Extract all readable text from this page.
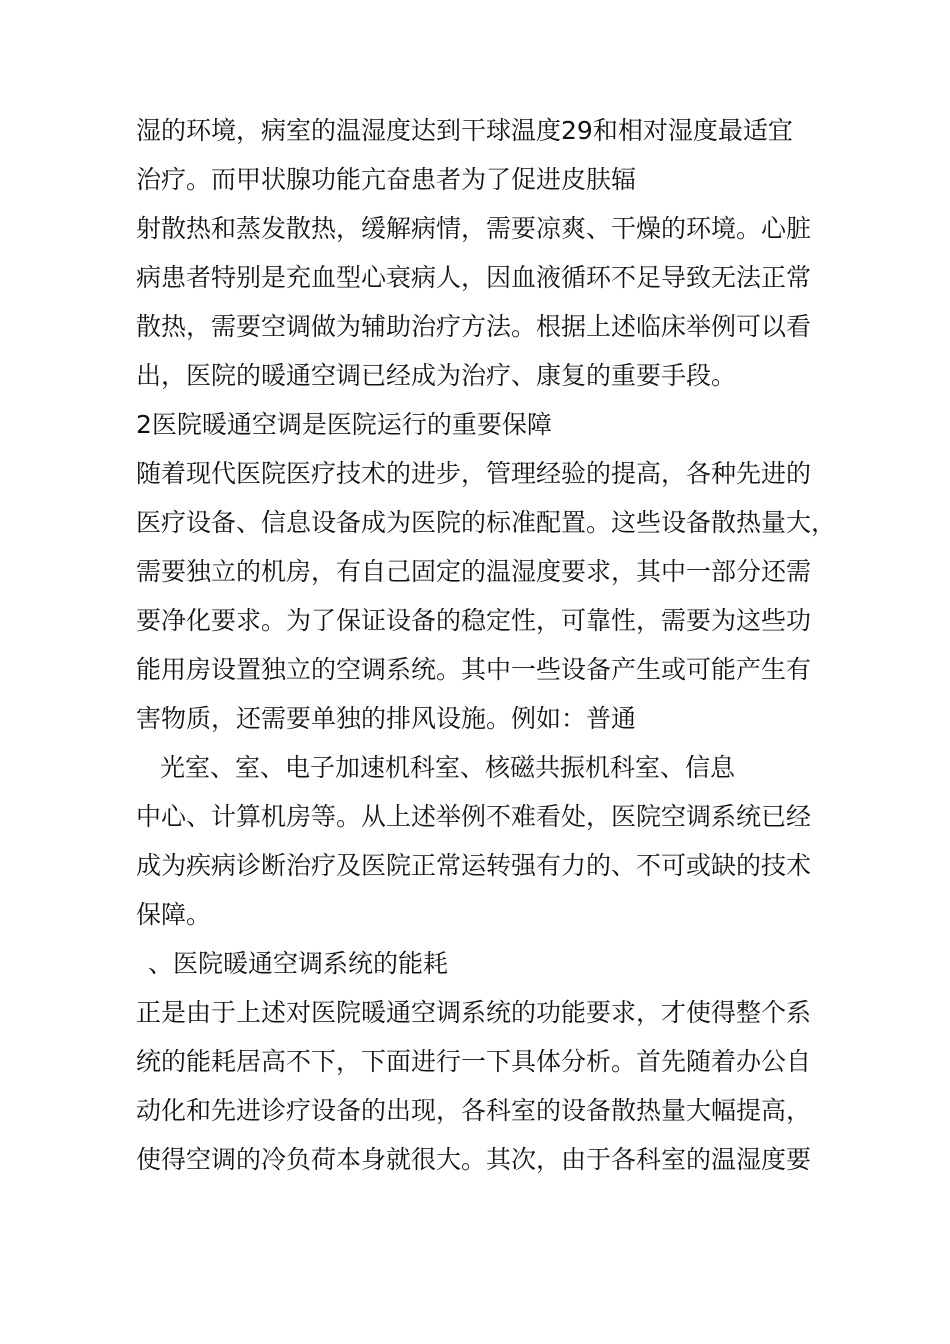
湿的环境，病室的温湿度达到干球温度29和相对湿度最适宜
治疗。而甲状腺功能亢奋患者为了促进皮肤辐
射散热和蒸发散热，缓解病情，需要凉爽、干燥的环境。心脏
病患者特别是充血型心衰病人，因血液循环不足导致无法正常
散热，需要空调做为辅助治疗方法。根据上述临床举例可以看
出，医院的暖通空调已经成为治疗、康复的重要手段。
2医院暖通空调是医院运行的重要保障
随着现代医院医疗技术的进步，管理经验的提高，各种先进的
医疗设备、信息设备成为医院的标准配置。这些设备散热量大，
需要独立的机房，有自己固定的温湿度要求，其中一部分还需
要净化要求。为了保证设备的稳定性，可靠性，需要为这些功
能用房设置独立的空调系统。其中一些设备产生或可能产生有
害物质，还需要单独的排风设施。例如：普通
光室、室、电子加速机科室、核磁共振机科室、信息
中心、计算机房等。从上述举例不难看处，医院空调系统已经
成为疾病诊断治疗及医院正常运转强有力的、不可或缺的技术
保障。
、医院暖通空调系统的能耗
正是由于上述对医院暖通空调系统的功能要求，才使得整个系
统的能耗居高不下，下面进行一下具体分析。首先随着办公自
动化和先进诊疗设备的出现，各科室的设备散热量大幅提高，
使得空调的冷负荷本身就很大。其次，由于各科室的温湿度要
